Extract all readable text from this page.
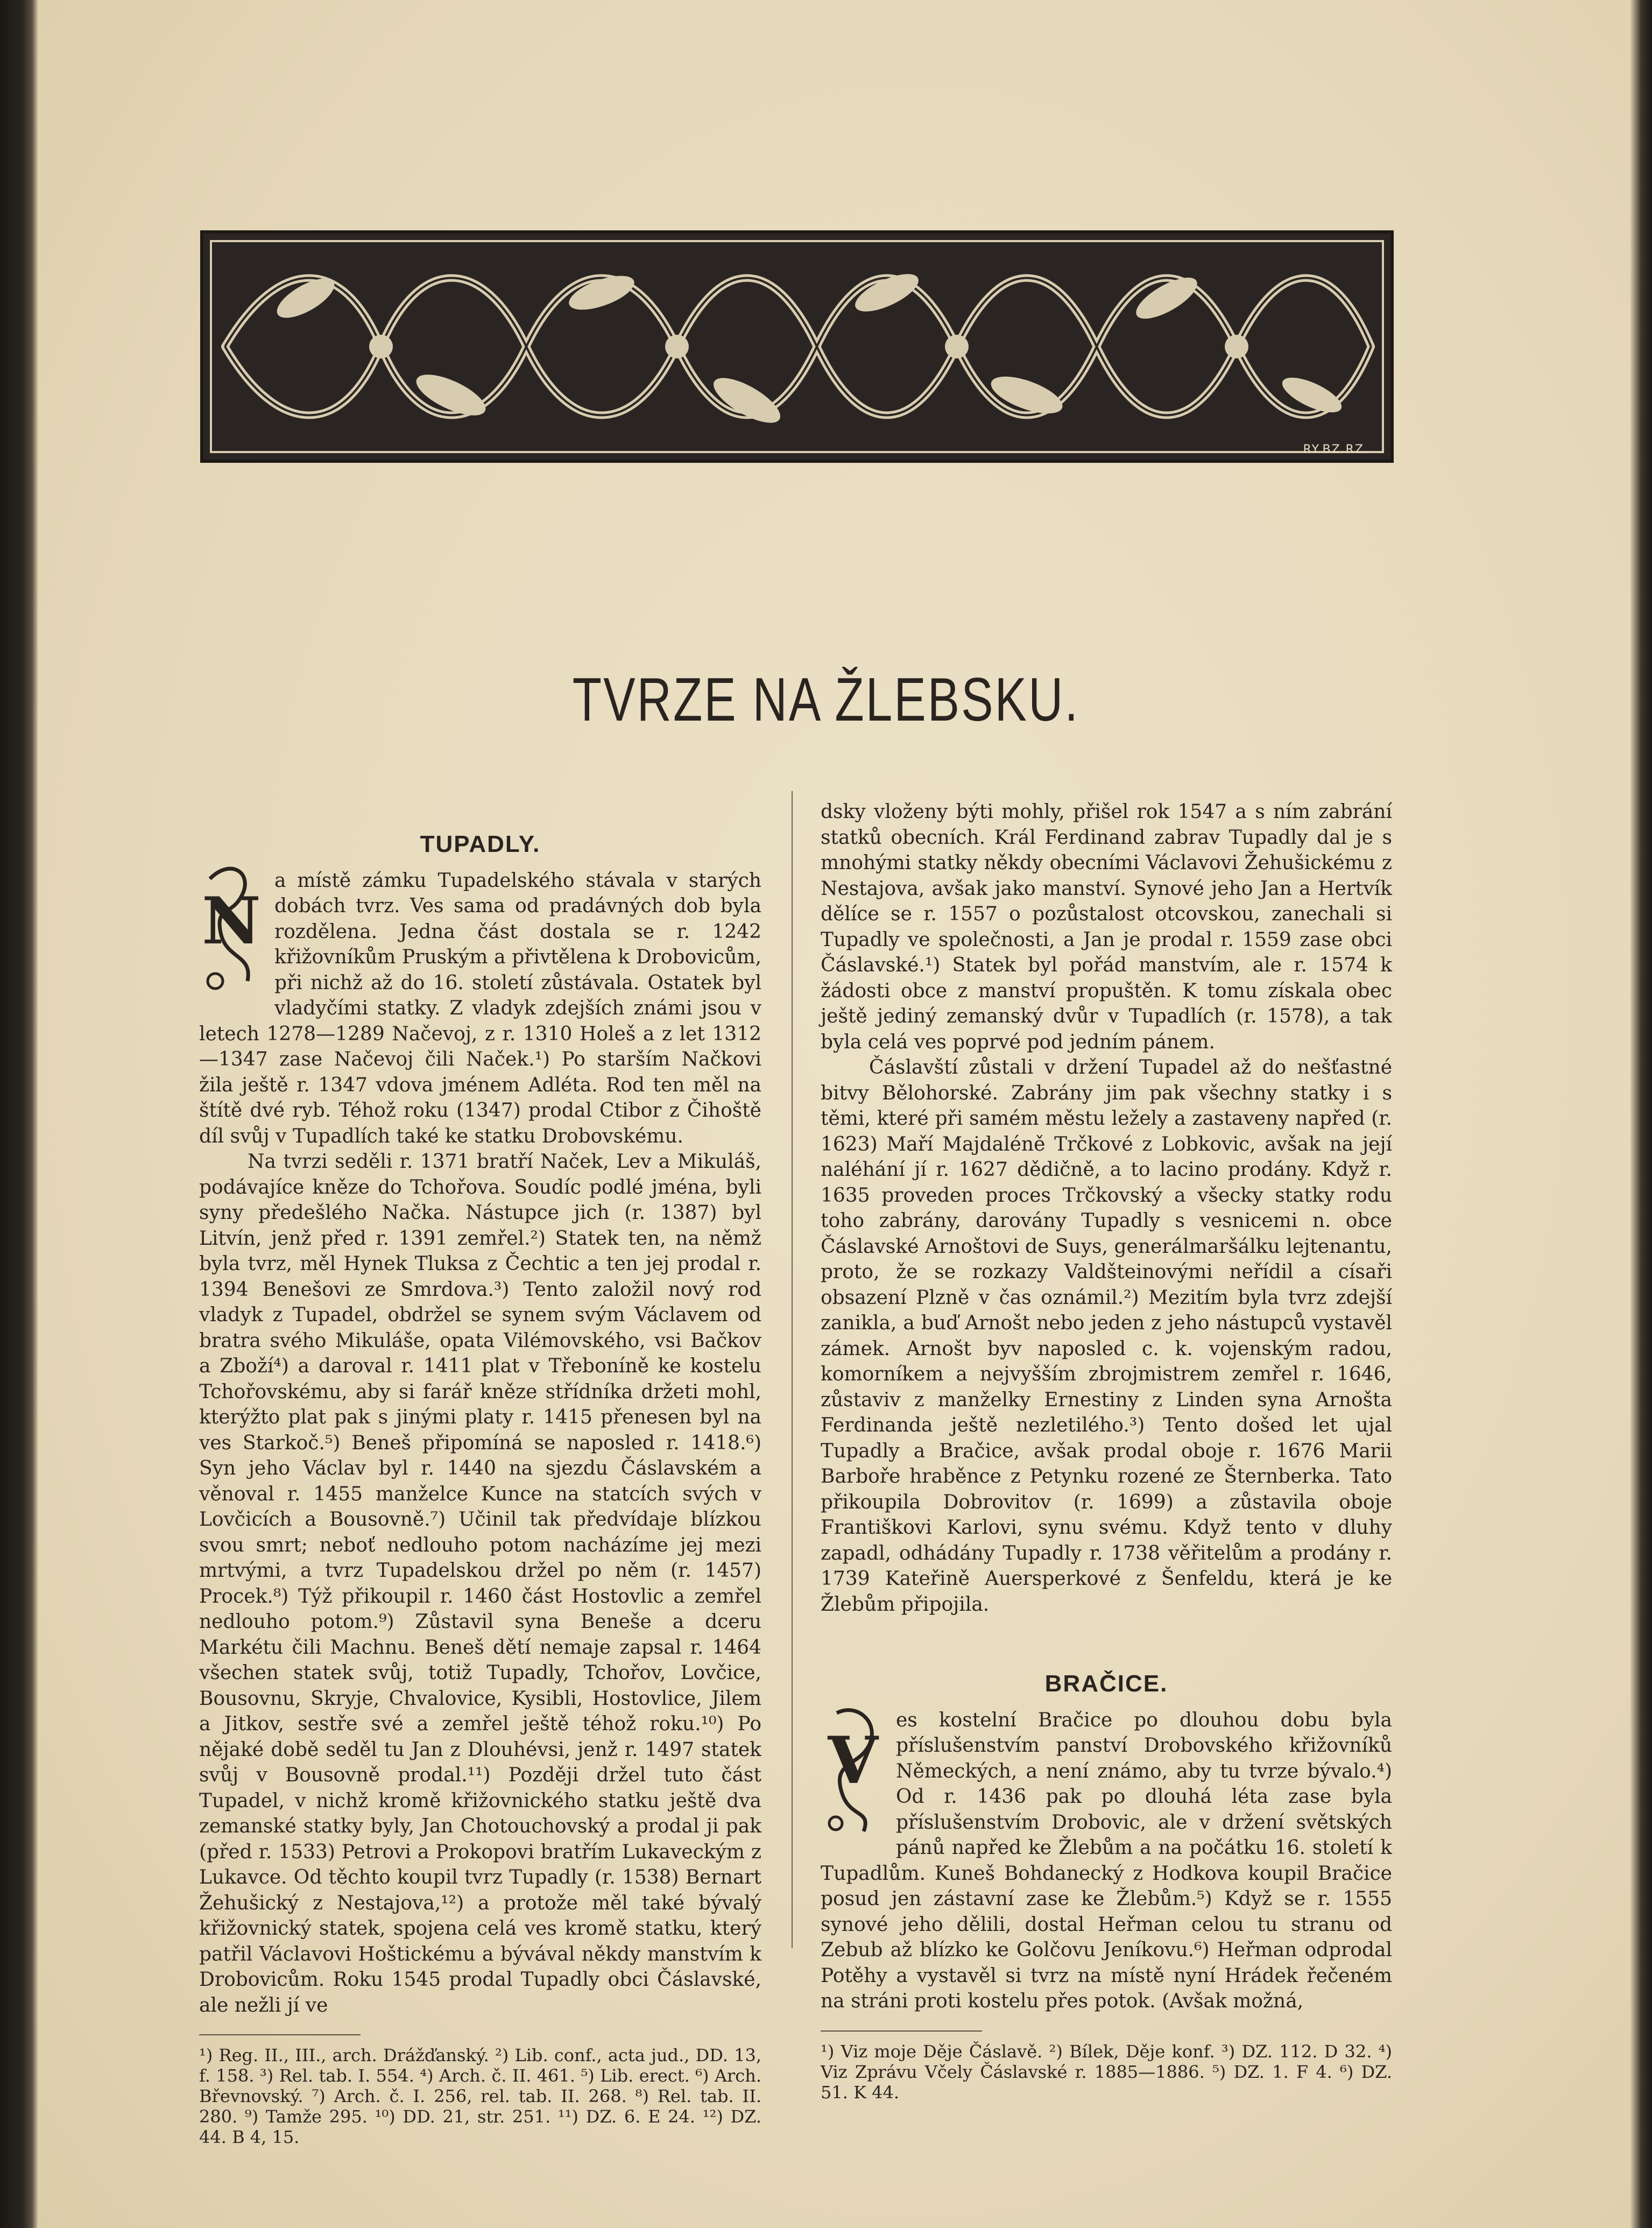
RY.BZ.RZ.
TVRZE NA ŽLEBSKU.
TUPADLY.
N

a místě zámku Tupadelského stávala v starých dobách tvrz. Ves sama od pradávných dob byla rozdělena. Jedna část dostala se r. 1242 křižovníkům Pruským a přivtělena k Drobovicům, při nichž až do 16. století zůstávala. Ostatek byl vladyčími statky. Z vladyk zdejších známi jsou v letech 1278—1289 Načevoj, z r. 1310 Holeš a z let 1312—1347 zase Načevoj čili Naček.¹) Po starším Načkovi žila ještě r. 1347 vdova jménem Adléta. Rod ten měl na štítě dvé ryb. Téhož roku (1347) prodal Ctibor z Čihoště díl svůj v Tupadlích také ke statku Drobovskému.

Na tvrzi seděli r. 1371 bratří Naček, Lev a Mikuláš, podávajíce kněze do Tchořova. Soudíc podlé jména, byli syny předešlého Načka. Nástupce jich (r. 1387) byl Litvín, jenž před r. 1391 zemřel.²) Statek ten, na němž byla tvrz, měl Hynek Tluksa z Čechtic a ten jej prodal r. 1394 Benešovi ze Smrdova.³) Tento založil nový rod vladyk z Tupadel, obdržel se synem svým Václavem od bratra svého Mikuláše, opata Vilémovského, vsi Bačkov a Zboží⁴) a daroval r. 1411 plat v Třeboníně ke kostelu Tchořovskému, aby si farář kněze střídníka držeti mohl, kterýžto plat pak s jinými platy r. 1415 přenesen byl na ves Starkoč.⁵) Beneš připomíná se naposled r. 1418.⁶) Syn jeho Václav byl r. 1440 na sjezdu Čáslavském a věnoval r. 1455 manželce Kunce na statcích svých v Lovčicích a Bousovně.⁷) Učinil tak předvídaje blízkou svou smrt; neboť nedlouho potom nacházíme jej mezi mrtvými, a tvrz Tupadelskou držel po něm (r. 1457) Procek.⁸) Týž přikoupil r. 1460 část Hostovlic a zemřel nedlouho potom.⁹) Zůstavil syna Beneše a dceru Markétu čili Machnu. Beneš dětí nemaje zapsal r. 1464 všechen statek svůj, totiž Tupadly, Tchořov, Lovčice, Bousovnu, Skryje, Chvalovice, Kysibli, Hostovlice, Jilem a Jitkov, sestře své a zemřel ještě téhož roku.¹⁰) Po nějaké době seděl tu Jan z Dlouhévsi, jenž r. 1497 statek svůj v Bousovně prodal.¹¹) Později držel tuto část Tupadel, v nichž kromě křižovnického statku ještě dva zemanské statky byly, Jan Chotouchovský a prodal ji pak (před r. 1533) Petrovi a Prokopovi bratřím Lukaveckým z Lukavce. Od těchto koupil tvrz Tupadly (r. 1538) Bernart Žehušický z Nestajova,¹²) a protože měl také bývalý křižovnický statek, spojena celá ves kromě statku, který patřil Václavovi Hoštickému a bývával někdy manstvím k Drobovicům. Roku 1545 prodal Tupadly obci Čáslavské, ale nežli jí ve

¹) Reg. II., III., arch. Drážďanský. ²) Lib. conf., acta jud., DD. 13, f. 158. ³) Rel. tab. I. 554. ⁴) Arch. č. II. 461. ⁵) Lib. erect. ⁶) Arch. Břevnovský. ⁷) Arch. č. I. 256, rel. tab. II. 268. ⁸) Rel. tab. II. 280. ⁹) Tamže 295. ¹⁰) DD. 21, str. 251. ¹¹) DZ. 6. E 24. ¹²) DZ. 44. B 4, 15.

dsky vloženy býti mohly, přišel rok 1547 a s ním zabrání statků obecních. Král Ferdinand zabrav Tupadly dal je s mnohými statky někdy obecními Václavovi Žehušickému z Nestajova, avšak jako manství. Synové jeho Jan a Hertvík dělíce se r. 1557 o pozůstalost otcovskou, zanechali si Tupadly ve společnosti, a Jan je prodal r. 1559 zase obci Čáslavské.¹) Statek byl pořád manstvím, ale r. 1574 k žádosti obce z manství propuštěn. K tomu získala obec ještě jediný zemanský dvůr v Tupadlích (r. 1578), a tak byla celá ves poprvé pod jedním pánem.

Čáslavští zůstali v držení Tupadel až do nešťastné bitvy Bělohorské. Zabrány jim pak všechny statky i s těmi, které při samém městu ležely a zastaveny napřed (r. 1623) Maří Majdaléně Trčkové z Lobkovic, avšak na její naléhání jí r. 1627 dědičně, a to lacino prodány. Když r. 1635 proveden proces Trčkovský a všecky statky rodu toho zabrány, darovány Tupadly s vesnicemi n. obce Čáslavské Arnoštovi de Suys, generálmaršálku lejtenantu, proto, že se rozkazy Valdšteinovými neřídil a císaři obsazení Plzně v čas oznámil.²) Mezitím byla tvrz zdejší zanikla, a buď Arnošt nebo jeden z jeho nástupců vystavěl zámek. Arnošt byv naposled c. k. vojenským radou, komorníkem a nejvyšším zbrojmistrem zemřel r. 1646, zůstaviv z manželky Ernestiny z Linden syna Arnošta Ferdinanda ještě nezletilého.³) Tento došed let ujal Tupadly a Bračice, avšak prodal oboje r. 1676 Marii Barboře hraběnce z Petynku rozené ze Šternberka. Tato přikoupila Dobrovitov (r. 1699) a zůstavila oboje Františkovi Karlovi, synu svému. Když tento v dluhy zapadl, odhádány Tupadly r. 1738 věřitelům a prodány r. 1739 Kateřině Auersperkové z Šenfeldu, která je ke Žlebům připojila.

BRAČICE.
V

es kostelní Bračice po dlouhou dobu byla příslušenstvím panství Drobovského křižovníků Německých, a není známo, aby tu tvrze bývalo.⁴) Od r. 1436 pak po dlouhá léta zase byla příslušenstvím Drobovic, ale v držení světských pánů napřed ke Žlebům a na počátku 16. století k Tupadlům. Kuneš Bohdanecký z Hodkova koupil Bračice posud jen zástavní zase ke Žlebům.⁵) Když se r. 1555 synové jeho dělili, dostal Heřman celou tu stranu od Zebub až blízko ke Golčovu Jeníkovu.⁶) Heřman odprodal Potěhy a vystavěl si tvrz na místě nyní Hrádek řečeném na stráni proti kostelu přes potok. (Avšak možná,

¹) Viz moje Děje Čáslavě. ²) Bílek, Děje konf. ³) DZ. 112. D 32. ⁴) Viz Zprávu Včely Čáslavské r. 1885—1886. ⁵) DZ. 1. F 4. ⁶) DZ. 51. K 44.
